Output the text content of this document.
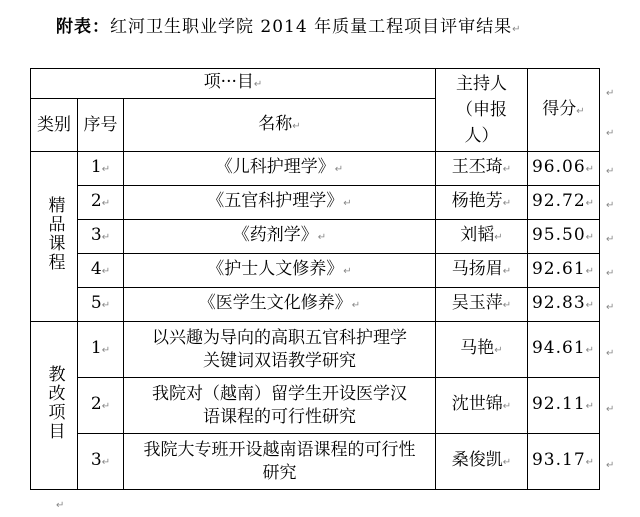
附表：红河卫生职业学院 2014 年质量工程项目评审结果↵
项···目↵			主持人（申报人）	得分↵
类别	序号	名称↵		
精品课程	1↵	《儿科护理学》↵	王丕琦↵	96.06↵
	2↵	《五官科护理学》↵	杨艳芳↵	92.72↵
	3↵	《药剂学》↵	刘韬↵	95.50↵
	4↵	《护士人文修养》↵	马扬眉↵	92.61↵
	5↵	《医学生文化修养》↵	吴玉萍↵	92.83↵
教改项目	1↵	以兴趣为导向的高职五官科护理学关键词双语教学研究	马艳↵	94.61↵
	2↵	我院对（越南）留学生开设医学汉语课程的可行性研究	沈世锦↵	92.11↵
	3↵	我院大专班开设越南语课程的可行性研究	桑俊凯↵	93.17↵
↵
↵
↵
↵
↵
↵
↵
↵
↵
↵
↵
